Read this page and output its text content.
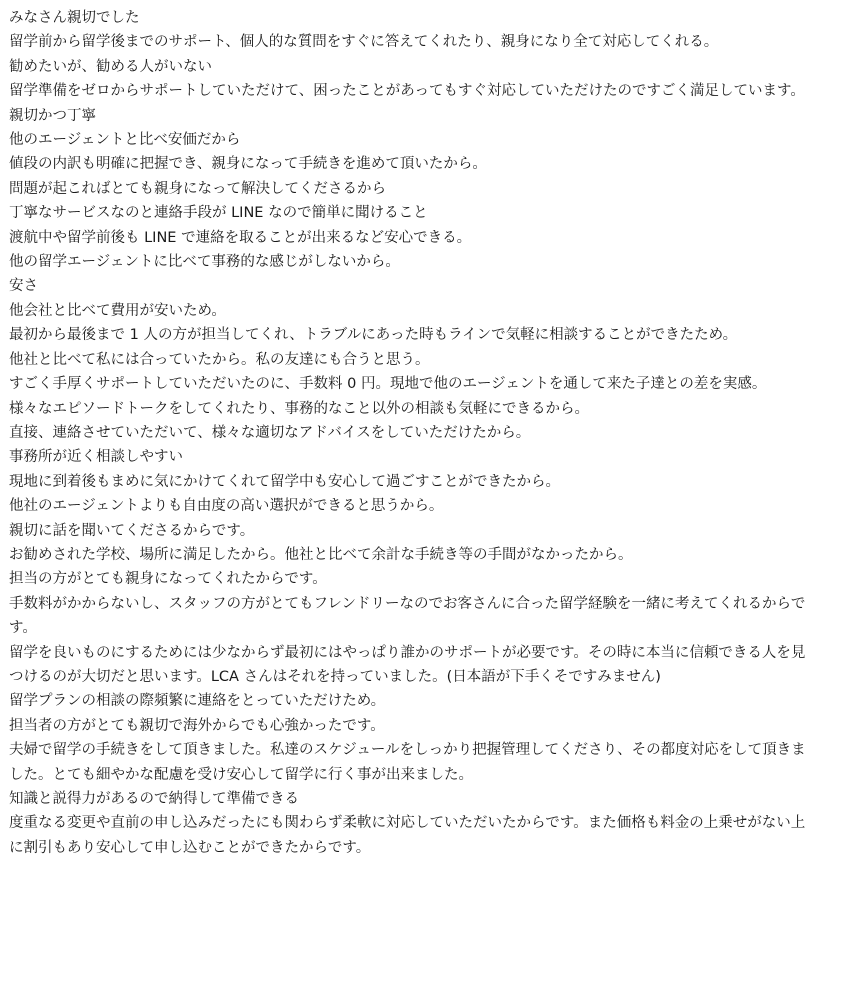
みなさん親切でした
留学前から留学後までのサポート、個人的な質問をすぐに答えてくれたり、親身になり全て対応してくれる。
勧めたいが、勧める人がいない
留学準備をゼロからサポートしていただけて、困ったことがあってもすぐ対応していただけたのですごく満足しています。
親切かつ丁寧
他のエージェントと比べ安価だから
値段の内訳も明確に把握でき、親身になって手続きを進めて頂いたから。
問題が起こればとても親身になって解決してくださるから
丁寧なサービスなのと連絡手段が LINE なので簡単に聞けること
渡航中や留学前後も LINE で連絡を取ることが出来るなど安心できる。
他の留学エージェントに比べて事務的な感じがしないから。
安さ
他会社と比べて費用が安いため。
最初から最後まで 1 人の方が担当してくれ、トラブルにあった時もラインで気軽に相談することができたため。
他社と比べて私には合っていたから。私の友達にも合うと思う。
すごく手厚くサポートしていただいたのに、手数料 0 円。現地で他のエージェントを通して来た子達との差を実感。
様々なエピソードトークをしてくれたり、事務的なこと以外の相談も気軽にできるから。
直接、連絡させていただいて、様々な適切なアドバイスをしていただけたから。
事務所が近く相談しやすい
現地に到着後もまめに気にかけてくれて留学中も安心して過ごすことができたから。
他社のエージェントよりも自由度の高い選択ができると思うから。
親切に話を聞いてくださるからです。
お勧めされた学校、場所に満足したから。他社と比べて余計な手続き等の手間がなかったから。
担当の方がとても親身になってくれたからです。
手数料がかからないし、スタッフの方がとてもフレンドリーなのでお客さんに合った留学経験を一緒に考えてくれるからです。
留学を良いものにするためには少なからず最初にはやっぱり誰かのサポートが必要です。その時に本当に信頼できる人を見つけるのが大切だと思います。LCA さんはそれを持っていました。(日本語が下手くそですみません)
留学プランの相談の際頻繁に連絡をとっていただけため。
担当者の方がとても親切で海外からでも心強かったです。
夫婦で留学の手続きをして頂きました。私達のスケジュールをしっかり把握管理してくださり、その都度対応をして頂きました。とても細やかな配慮を受け安心して留学に行く事が出来ました。
知識と説得力があるので納得して準備できる
度重なる変更や直前の申し込みだったにも関わらず柔軟に対応していただいたからです。また価格も料金の上乗せがない上に割引もあり安心して申し込むことができたからです。
